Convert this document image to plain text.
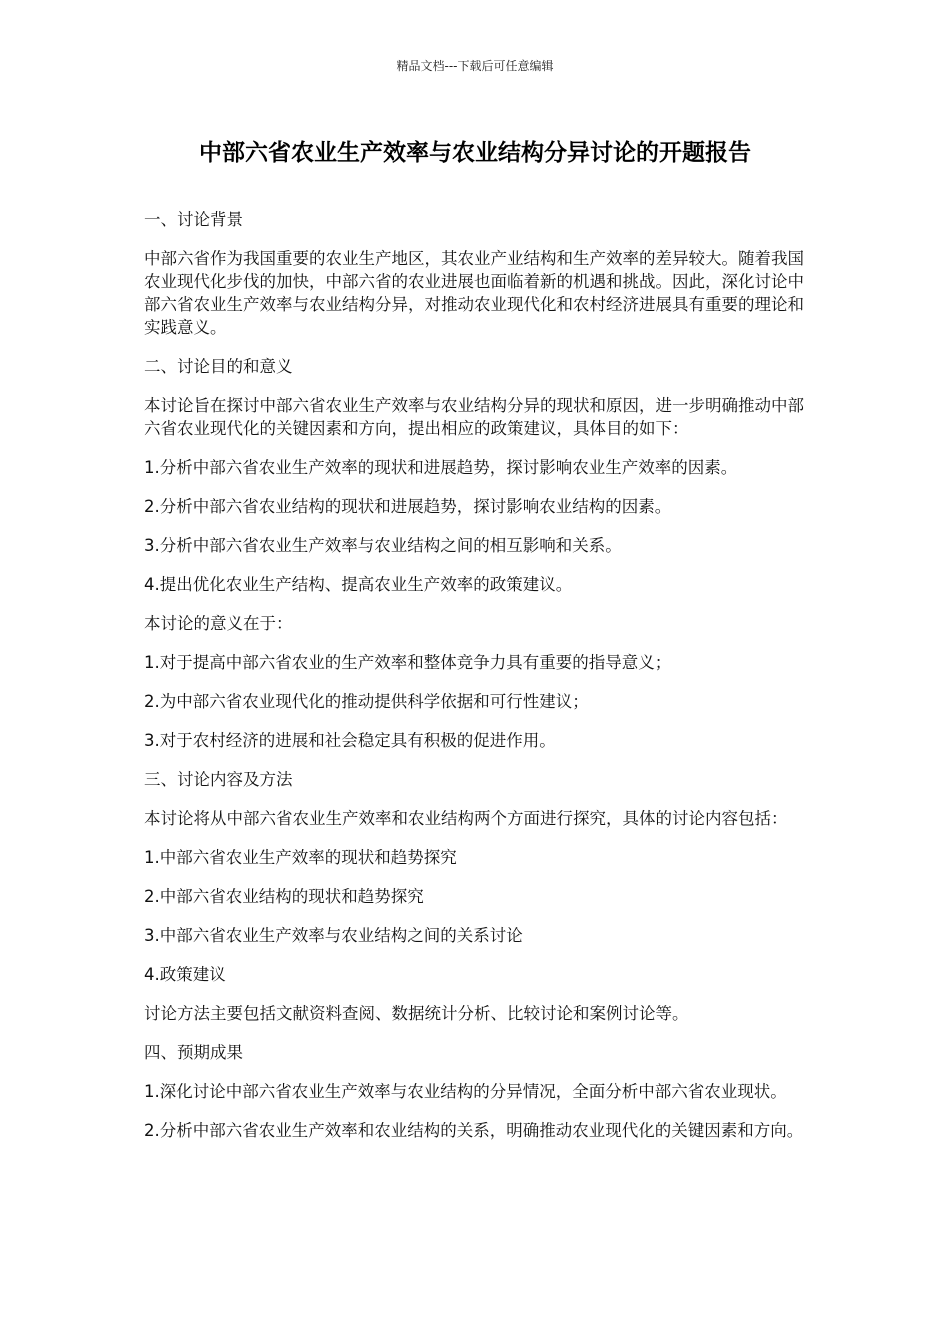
精品文档---下载后可任意编辑
中部六省农业生产效率与农业结构分异讨论的开题报告

一、讨论背景

中部六省作为我国重要的农业生产地区，其农业产业结构和生产效率的差异较大。随着我国农业现代化步伐的加快，中部六省的农业进展也面临着新的机遇和挑战。因此，深化讨论中部六省农业生产效率与农业结构分异，对推动农业现代化和农村经济进展具有重要的理论和实践意义。

二、讨论目的和意义

本讨论旨在探讨中部六省农业生产效率与农业结构分异的现状和原因，进一步明确推动中部六省农业现代化的关键因素和方向，提出相应的政策建议，具体目的如下：

1.分析中部六省农业生产效率的现状和进展趋势，探讨影响农业生产效率的因素。

2.分析中部六省农业结构的现状和进展趋势，探讨影响农业结构的因素。

3.分析中部六省农业生产效率与农业结构之间的相互影响和关系。

4.提出优化农业生产结构、提高农业生产效率的政策建议。

本讨论的意义在于：

1.对于提高中部六省农业的生产效率和整体竞争力具有重要的指导意义；

2.为中部六省农业现代化的推动提供科学依据和可行性建议；

3.对于农村经济的进展和社会稳定具有积极的促进作用。

三、讨论内容及方法

本讨论将从中部六省农业生产效率和农业结构两个方面进行探究，具体的讨论内容包括：

1.中部六省农业生产效率的现状和趋势探究

2.中部六省农业结构的现状和趋势探究

3.中部六省农业生产效率与农业结构之间的关系讨论

4.政策建议

讨论方法主要包括文献资料查阅、数据统计分析、比较讨论和案例讨论等。

四、预期成果

1.深化讨论中部六省农业生产效率与农业结构的分异情况，全面分析中部六省农业现状。

2.分析中部六省农业生产效率和农业结构的关系，明确推动农业现代化的关键因素和方向。
